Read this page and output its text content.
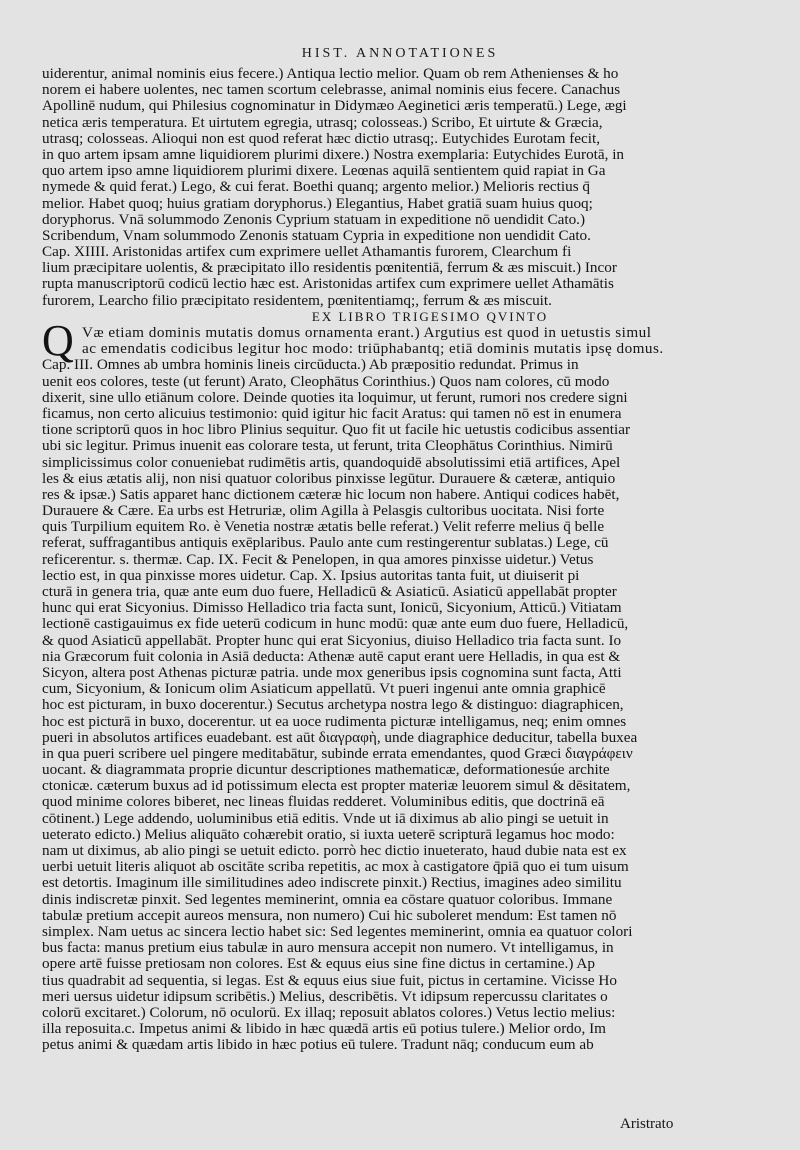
HIST. ANNOTATIONES
uiderentur, animal nominis eius fecere.) Antiqua lectio melior. Quam ob rem Athenienses & ho
norem ei habere uolentes, nec tamen scortum celebrasse, animal nominis eius fecere. Canachus
Apollinē nudum, qui Philesius cognominatur in Didymæo Aeginetici æris temperatū.) Lege, ægi
netica æris temperatura. Et uirtutem egregia, utrasq; colosseas.) Scribo, Et uirtute & Græcia,
utrasq; colosseas. Alioqui non est quod referat hæc dictio utrasq;. Eutychides Eurotam fecit,
in quo artem ipsam amne liquidiorem plurimi dixere.) Nostra exemplaria: Eutychides Eurotā, in
quo artem ipso amne liquidiorem plurimi dixere. Leœnas aquilā sentientem quid rapiat in Ga
nymede & quid ferat.) Lego, & cui ferat. Boethi quanq; argento melior.) Melioris rectius q̄
melior. Habet quoq; huius gratiam doryphorus.) Elegantius, Habet gratiā suam huius quoq;
doryphorus. Vnā solummodo Zenonis Cyprium statuam in expeditione nō uendidit Cato.)
Scribendum, Vnam solummodo Zenonis statuam Cypria in expeditione non uendidit Cato.
Cap. XIIII. Aristonidas artifex cum exprimere uellet Athamantis furorem, Clearchum fi
lium præcipitare uolentis, & præcipitato illo residentis pœnitentiā, ferrum & æs miscuit.) Incor
rupta manuscriptorū codicū lectio hæc est. Aristonidas artifex cum exprimere uellet Athamātis
furorem, Learcho filio præcipitato residentem, pœnitentiamq;, ferrum & æs miscuit.
EX LIBRO TRIGESIMO QVINTO
Q Væ etiam dominis mutatis domus ornamenta erant.) Argutius est quod in uetustis simul
ac emendatis codicibus legitur hoc modo: triūphabantq; etiā dominis mutatis ipsę domus.
Cap. III. Omnes ab umbra hominis lineis circūducta.) Ab præpositio redundat. Primus in
uenit eos colores, teste (ut ferunt) Arato, Cleophātus Corinthius.) Quos nam colores, cū modo
dixerit, sine ullo etiānum colore. Deinde quoties ita loquimur, ut ferunt, rumori nos credere signi
ficamus, non certo alicuius testimonio: quid igitur hic facit Aratus: qui tamen nō est in enumera
tione scriptorū quos in hoc libro Plinius sequitur. Quo fit ut facile hic uetustis codicibus assentiar
ubi sic legitur. Primus inuenit eas colorare testa, ut ferunt, trita Cleophātus Corinthius. Nimirū
simplicissimus color conueniebat rudimētis artis, quandoquidē absolutissimi etiā artifices, Apel
les & eius ætatis alij, non nisi quatuor coloribus pinxisse legūtur. Durauere & cæteræ, antiquio
res & ipsæ.) Satis apparet hanc dictionem cæteræ hic locum non habere. Antiqui codices habēt,
Durauere & Cære. Ea urbs est Hetruriæ, olim Agilla à Pelasgis cultoribus uocitata. Nisi forte
quis Turpilium equitem Ro. è Venetia nostræ ætatis belle referat.) Velit referre melius q̄ belle
referat, suffragantibus antiquis exēplaribus. Paulo ante cum restingerentur sublatas.) Lege, cū
reficerentur. s. thermæ. Cap. IX. Fecit & Penelopen, in qua amores pinxisse uidetur.) Vetus
lectio est, in qua pinxisse mores uidetur. Cap. X. Ipsius autoritas tanta fuit, ut diuiserit pi
cturā in genera tria, quæ ante eum duo fuere, Helladicū & Asiaticū. Asiaticū appellabāt propter
hunc qui erat Sicyonius. Dimisso Helladico tria facta sunt, Ionicū, Sicyonium, Atticū.) Vitiatam
lectionē castigauimus ex fide ueterū codicum in hunc modū: quæ ante eum duo fuere, Helladicū,
& quod Asiaticū appellabāt. Propter hunc qui erat Sicyonius, diuiso Helladico tria facta sunt. Io
nia Græcorum fuit colonia in Asiā deducta: Athenæ autē caput erant uere Helladis, in qua est &
Sicyon, altera post Athenas picturæ patria. unde mox generibus ipsis cognomina sunt facta, Atti
cum, Sicyonium, & Ionicum olim Asiaticum appellatū. Vt pueri ingenui ante omnia graphicē
hoc est picturam, in buxo docerentur.) Secutus archetypa nostra lego & distinguo: diagraphicen,
hoc est picturā in buxo, docerentur. ut ea uoce rudimenta picturæ intelligamus, neq; enim omnes
pueri in absolutos artifices euadebant. est aūt διαγραφὴ, unde diagraphice deducitur, tabella buxea
in qua pueri scribere uel pingere meditabātur, subinde errata emendantes, quod Græci διαγράφειν
uocant. & diagrammata proprie dicuntur descriptiones mathematicæ, deformationesúe archite
ctonicæ. cæterum buxus ad id potissimum electa est propter materiæ leuorem simul & dēsitatem,
quod minime colores biberet, nec lineas fluidas redderet. Voluminibus editis, que doctrinā eā
cōtinent.) Lege addendo, uoluminibus etiā editis. Vnde ut iā diximus ab alio pingi se uetuit in
ueterato edicto.) Melius aliquāto cohærebit oratio, si iuxta ueterē scripturā legamus hoc modo:
nam ut diximus, ab alio pingi se uetuit edicto. porrò hec dictio inueterato, haud dubie nata est ex
uerbi uetuit literis aliquot ab oscitāte scriba repetitis, ac mox à castigatore q̄piā quo ei tum uisum
est detortis. Imaginum ille similitudines adeo indiscrete pinxit.) Rectius, imagines adeo similitu
dinis indiscretæ pinxit. Sed legentes meminerint, omnia ea cōstare quatuor coloribus. Immane
tabulæ pretium accepit aureos mensura, non numero) Cui hic suboleret mendum: Est tamen nō
simplex. Nam uetus ac sincera lectio habet sic: Sed legentes meminerint, omnia ea quatuor colori
bus facta: manus pretium eius tabulæ in auro mensura accepit non numero. Vt intelligamus, in
opere artē fuisse pretiosam non colores. Est & equus eius sine fine dictus in certamine.) Ap
tius quadrabit ad sequentia, si legas. Est & equus eius siue fuit, pictus in certamine. Vicisse Ho
meri uersus uidetur idipsum scribētis.) Melius, describētis. Vt idipsum repercussu claritates o
colorū excitaret.) Colorum, nō oculorū. Ex illaq; reposuit ablatos colores.) Vetus lectio melius:
illa reposuita.c. Impetus animi & libido in hæc quædā artis eū potius tulere.) Melior ordo, Im
petus animi & quædam artis libido in hæc potius eū tulere. Tradunt nāq; conducum eum ab
Aristrato
